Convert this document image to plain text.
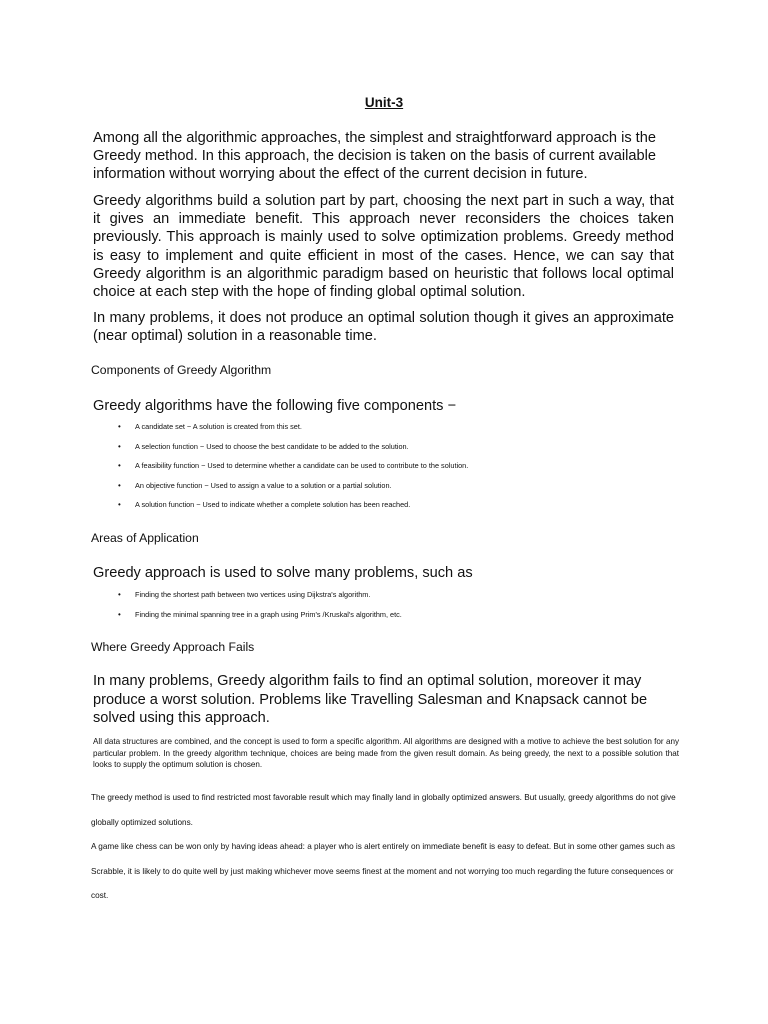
Unit-3

Among all the algorithmic approaches, the simplest and straightforward approach is the Greedy method. In this approach, the decision is taken on the basis of current available information without worrying about the effect of the current decision in future.

Greedy algorithms build a solution part by part, choosing the next part in such a way, that it gives an immediate benefit. This approach never reconsiders the choices taken previously. This approach is mainly used to solve optimization problems. Greedy method is easy to implement and quite efficient in most of the cases. Hence, we can say that Greedy algorithm is an algorithmic paradigm based on heuristic that follows local optimal choice at each step with the hope of finding global optimal solution.

In many problems, it does not produce an optimal solution though it gives an approximate (near optimal) solution in a reasonable time.

Components of Greedy Algorithm

Greedy algorithms have the following five components −

• A candidate set − A solution is created from this set.
• A selection function − Used to choose the best candidate to be added to the solution.
• A feasibility function − Used to determine whether a candidate can be used to contribute to the solution.
• An objective function − Used to assign a value to a solution or a partial solution.
• A solution function − Used to indicate whether a complete solution has been reached.
Areas of Application

Greedy approach is used to solve many problems, such as

• Finding the shortest path between two vertices using Dijkstra's algorithm.
• Finding the minimal spanning tree in a graph using Prim's /Kruskal's algorithm, etc.
Where Greedy Approach Fails

In many problems, Greedy algorithm fails to find an optimal solution, moreover it may produce a worst solution. Problems like Travelling Salesman and Knapsack cannot be solved using this approach.

All data structures are combined, and the concept is used to form a specific algorithm. All algorithms are designed with a motive to achieve the best solution for any particular problem. In the greedy algorithm technique, choices are being made from the given result domain. As being greedy, the next to a possible solution that looks to supply the optimum solution is chosen.

The greedy method is used to find restricted most favorable result which may finally land in globally optimized answers. But usually, greedy algorithms do not give globally optimized solutions.

A game like chess can be won only by having ideas ahead: a player who is alert entirely on immediate benefit is easy to defeat. But in some other games such as Scrabble, it is likely to do quite well by just making whichever move seems finest at the moment and not worrying too much regarding the future consequences or cost.
